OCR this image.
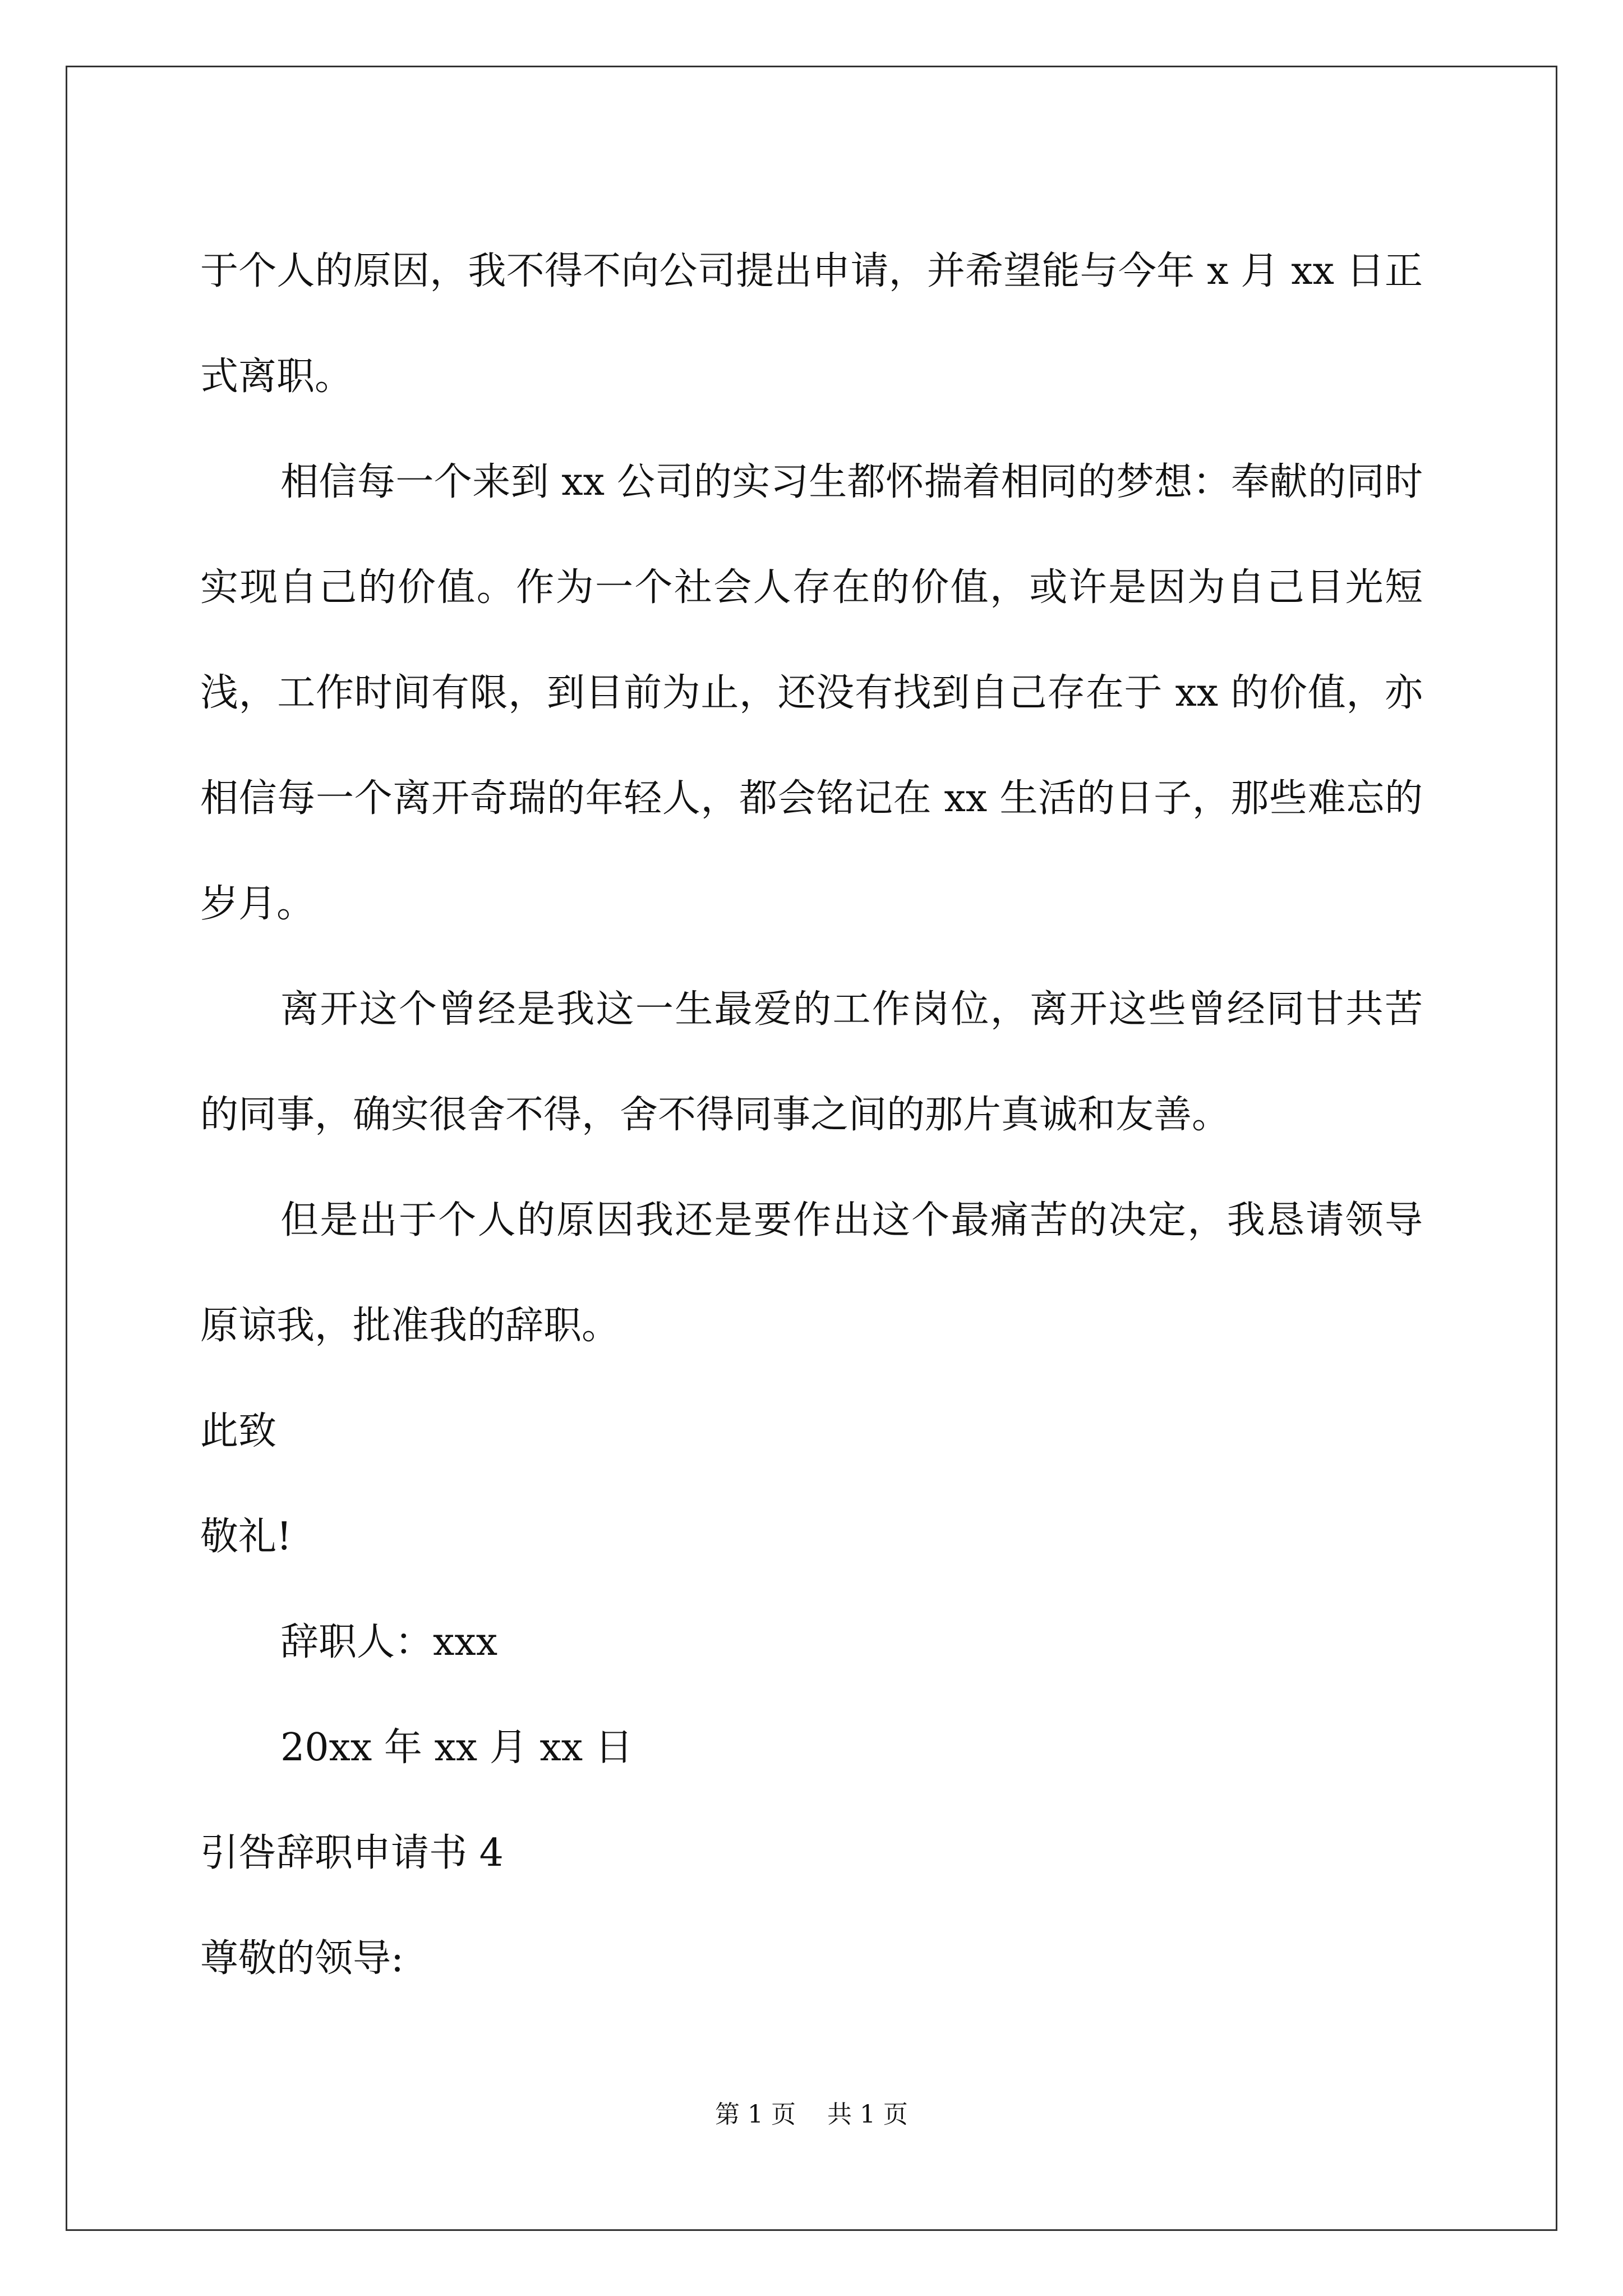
于个人的原因，我不得不向公司提出申请，并希望能与今年 x 月 xx 日正式离职。

相信每一个来到 xx 公司的实习生都怀揣着相同的梦想：奉献的同时实现自己的价值。作为一个社会人存在的价值，或许是因为自己目光短浅，工作时间有限，到目前为止，还没有找到自己存在于 xx 的价值，亦相信每一个离开奇瑞的年轻人，都会铭记在 xx 生活的日子，那些难忘的岁月。

离开这个曾经是我这一生最爱的工作岗位，离开这些曾经同甘共苦的同事，确实很舍不得，舍不得同事之间的那片真诚和友善。

但是出于个人的原因我还是要作出这个最痛苦的决定，我恳请领导原谅我，批准我的辞职。

此致

敬礼!

辞职人：xxx

20xx 年 xx 月 xx 日

引咎辞职申请书 4

尊敬的领导:

第 1 页    共 1 页
